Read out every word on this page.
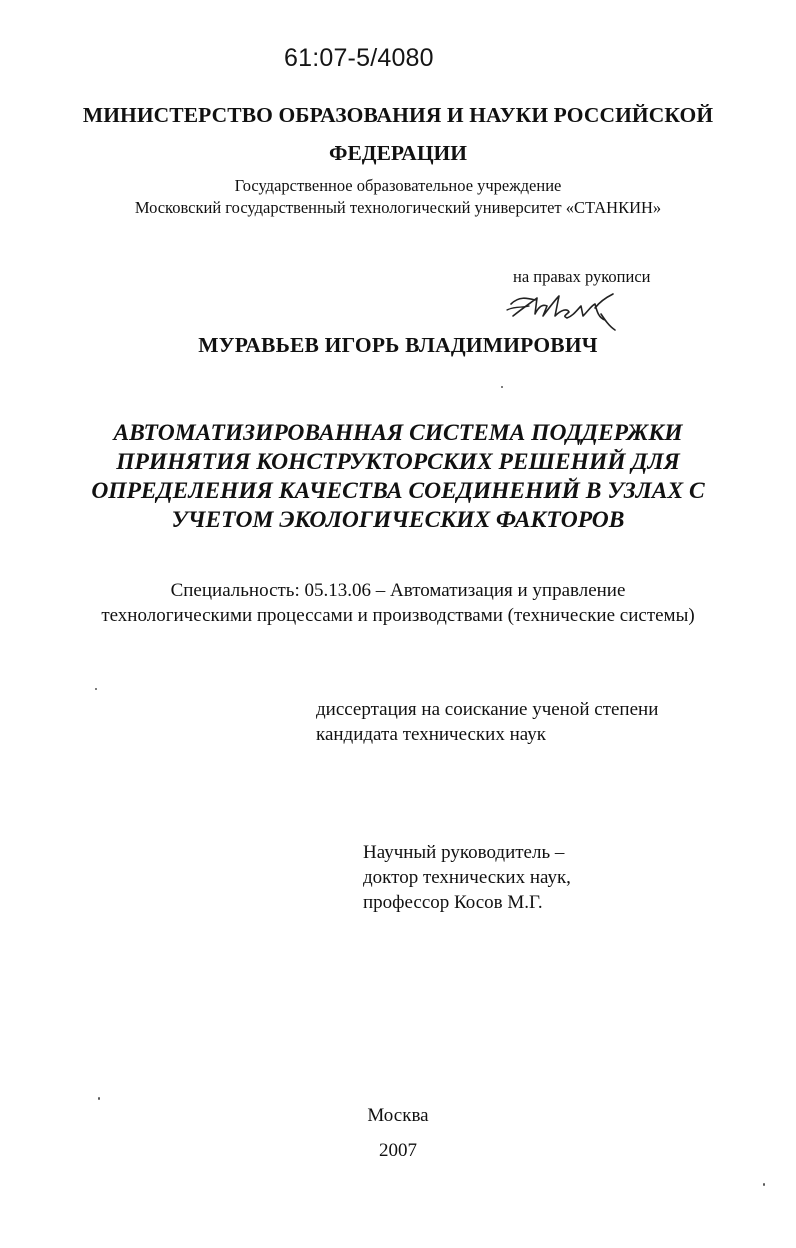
61:07-5/4080
МИНИСТЕРСТВО ОБРАЗОВАНИЯ И НАУКИ РОССИЙСКОЙ
ФЕДЕРАЦИИ
Государственное образовательное учреждение
Московский государственный технологический университет «СТАНКИН»
на правах рукописи
МУРАВЬЕВ ИГОРЬ ВЛАДИМИРОВИЧ
АВТОМАТИЗИРОВАННАЯ СИСТЕМА ПОДДЕРЖКИ
ПРИНЯТИЯ КОНСТРУКТОРСКИХ РЕШЕНИЙ ДЛЯ
ОПРЕДЕЛЕНИЯ КАЧЕСТВА СОЕДИНЕНИЙ В УЗЛАХ С
УЧЕТОМ ЭКОЛОГИЧЕСКИХ ФАКТОРОВ
Специальность: 05.13.06 – Автоматизация и управление
технологическими процессами и производствами (технические системы)
диссертация на соискание ученой степени
кандидата технических наук
Научный руководитель –
доктор технических наук,
профессор Косов М.Г.
Москва
2007
